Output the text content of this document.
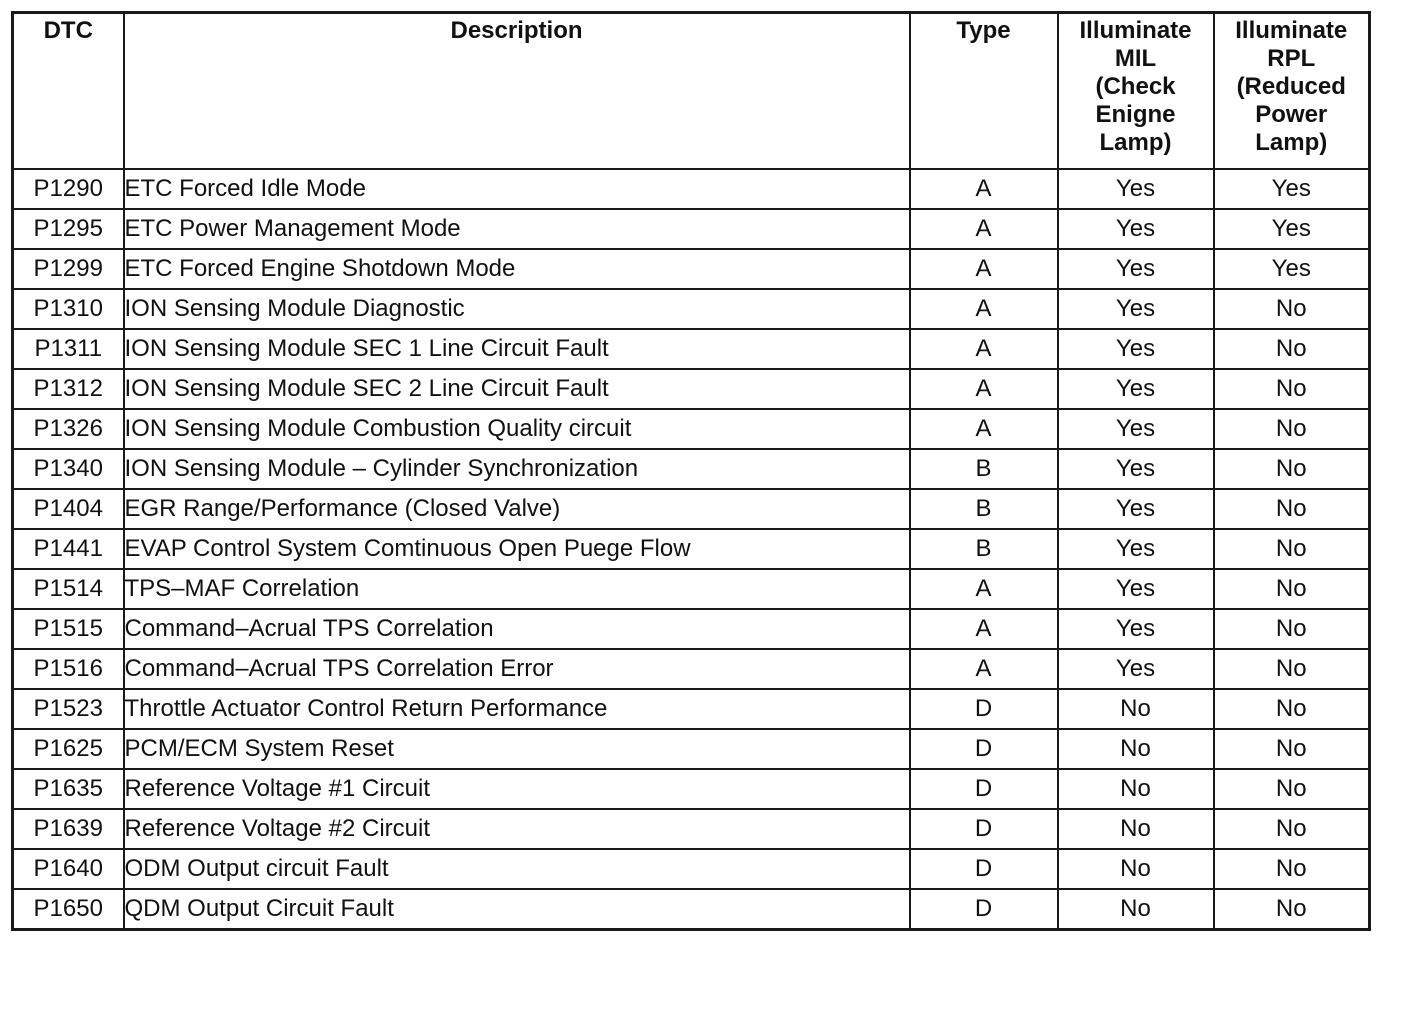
DTC	Description	Type	Illuminate
MIL
(Check
Enigne
Lamp)	Illuminate
RPL
(Reduced
Power
Lamp)

P1290	ETC Forced Idle Mode	A	Yes	Yes
P1295	ETC Power Management Mode	A	Yes	Yes
P1299	ETC Forced Engine Shotdown Mode	A	Yes	Yes
P1310	ION Sensing Module Diagnostic	A	Yes	No
P1311	ION Sensing Module SEC 1 Line Circuit Fault	A	Yes	No
P1312	ION Sensing Module SEC 2 Line Circuit Fault	A	Yes	No
P1326	ION Sensing Module Combustion Quality circuit	A	Yes	No
P1340	ION Sensing Module – Cylinder Synchronization	B	Yes	No
P1404	EGR Range/Performance (Closed Valve)	B	Yes	No
P1441	EVAP Control System Comtinuous Open Puege Flow	B	Yes	No
P1514	TPS–MAF Correlation	A	Yes	No
P1515	Command–Acrual TPS Correlation	A	Yes	No
P1516	Command–Acrual TPS Correlation Error	A	Yes	No
P1523	Throttle Actuator Control Return Performance	D	No	No
P1625	PCM/ECM System Reset	D	No	No
P1635	Reference Voltage #1 Circuit	D	No	No
P1639	Reference Voltage #2 Circuit	D	No	No
P1640	ODM Output circuit Fault	D	No	No
P1650	QDM Output Circuit Fault	D	No	No
